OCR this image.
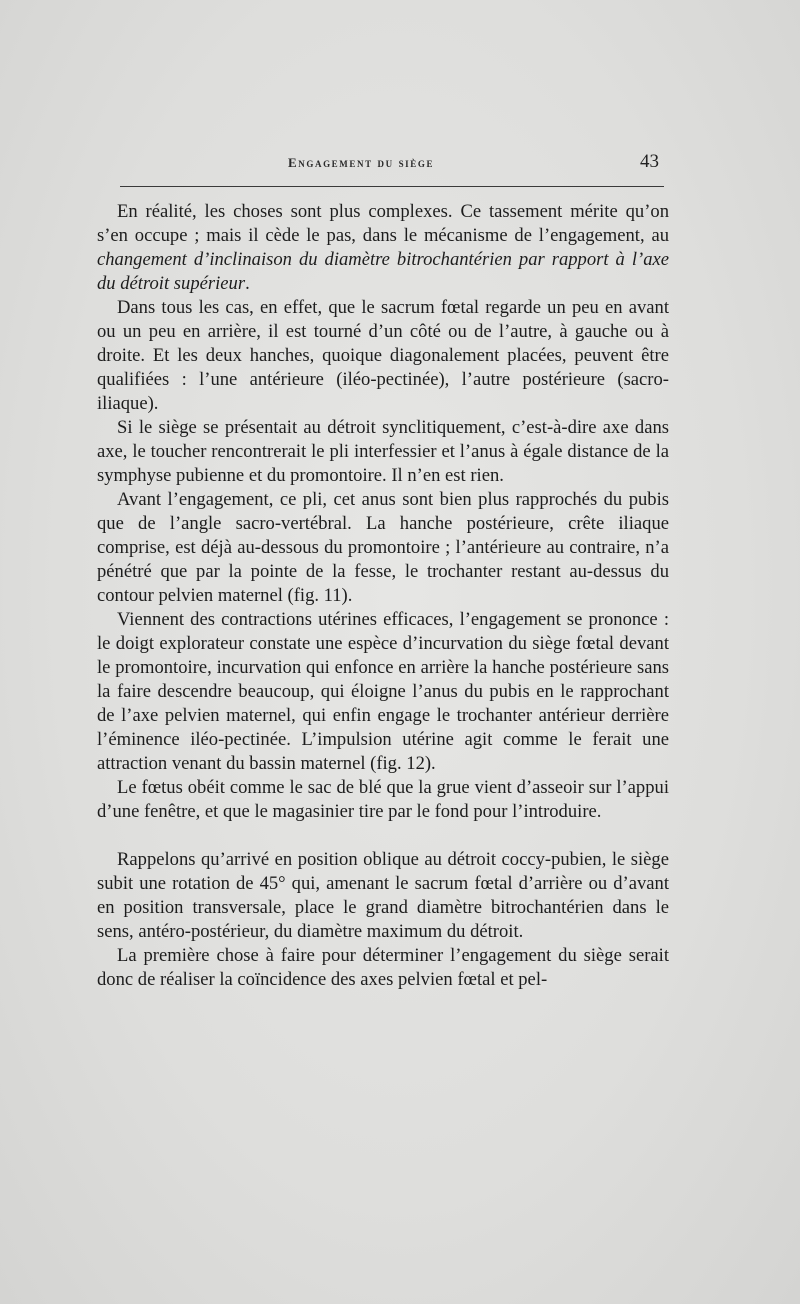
Engagement du siège	43

En réalité, les choses sont plus complexes. Ce tassement mérite qu’on s’en occupe ; mais il cède le pas, dans le mécanisme de l’engagement, au changement d’inclinaison du diamètre bitrochantérien par rapport à l’axe du détroit supérieur.

Dans tous les cas, en effet, que le sacrum fœtal regarde un peu en avant ou un peu en arrière, il est tourné d’un côté ou de l’autre, à gauche ou à droite. Et les deux hanches, quoique diagonalement placées, peuvent être qualifiées : l’une antérieure (iléo-pectinée), l’autre postérieure (sacro-iliaque).

Si le siège se présentait au détroit synclitiquement, c’est-à-dire axe dans axe, le toucher rencontrerait le pli interfessier et l’anus à égale distance de la symphyse pubienne et du promontoire. Il n’en est rien.

Avant l’engagement, ce pli, cet anus sont bien plus rapprochés du pubis que de l’angle sacro-vertébral. La hanche postérieure, crête iliaque comprise, est déjà au-dessous du promontoire ; l’antérieure au contraire, n’a pénétré que par la pointe de la fesse, le trochanter restant au-dessus du contour pelvien maternel (fig. 11).

Viennent des contractions utérines efficaces, l’engagement se prononce : le doigt explorateur constate une espèce d’incurvation du siège fœtal devant le promontoire, incurvation qui enfonce en arrière la hanche postérieure sans la faire descendre beaucoup, qui éloigne l’anus du pubis en le rapprochant de l’axe pelvien maternel, qui enfin engage le trochanter antérieur derrière l’éminence iléo-pectinée. L’impulsion utérine agit comme le ferait une attraction venant du bassin maternel (fig. 12).

Le fœtus obéit comme le sac de blé que la grue vient d’asseoir sur l’appui d’une fenêtre, et que le magasinier tire par le fond pour l’introduire.

Rappelons qu’arrivé en position oblique au détroit coccy-pubien, le siège subit une rotation de 45° qui, amenant le sacrum fœtal d’arrière ou d’avant en position transversale, place le grand diamètre bitrochantérien dans le sens, antéro-postérieur, du diamètre maximum du détroit.

La première chose à faire pour déterminer l’engagement du siège serait donc de réaliser la coïncidence des axes pelvien fœtal et pel-
